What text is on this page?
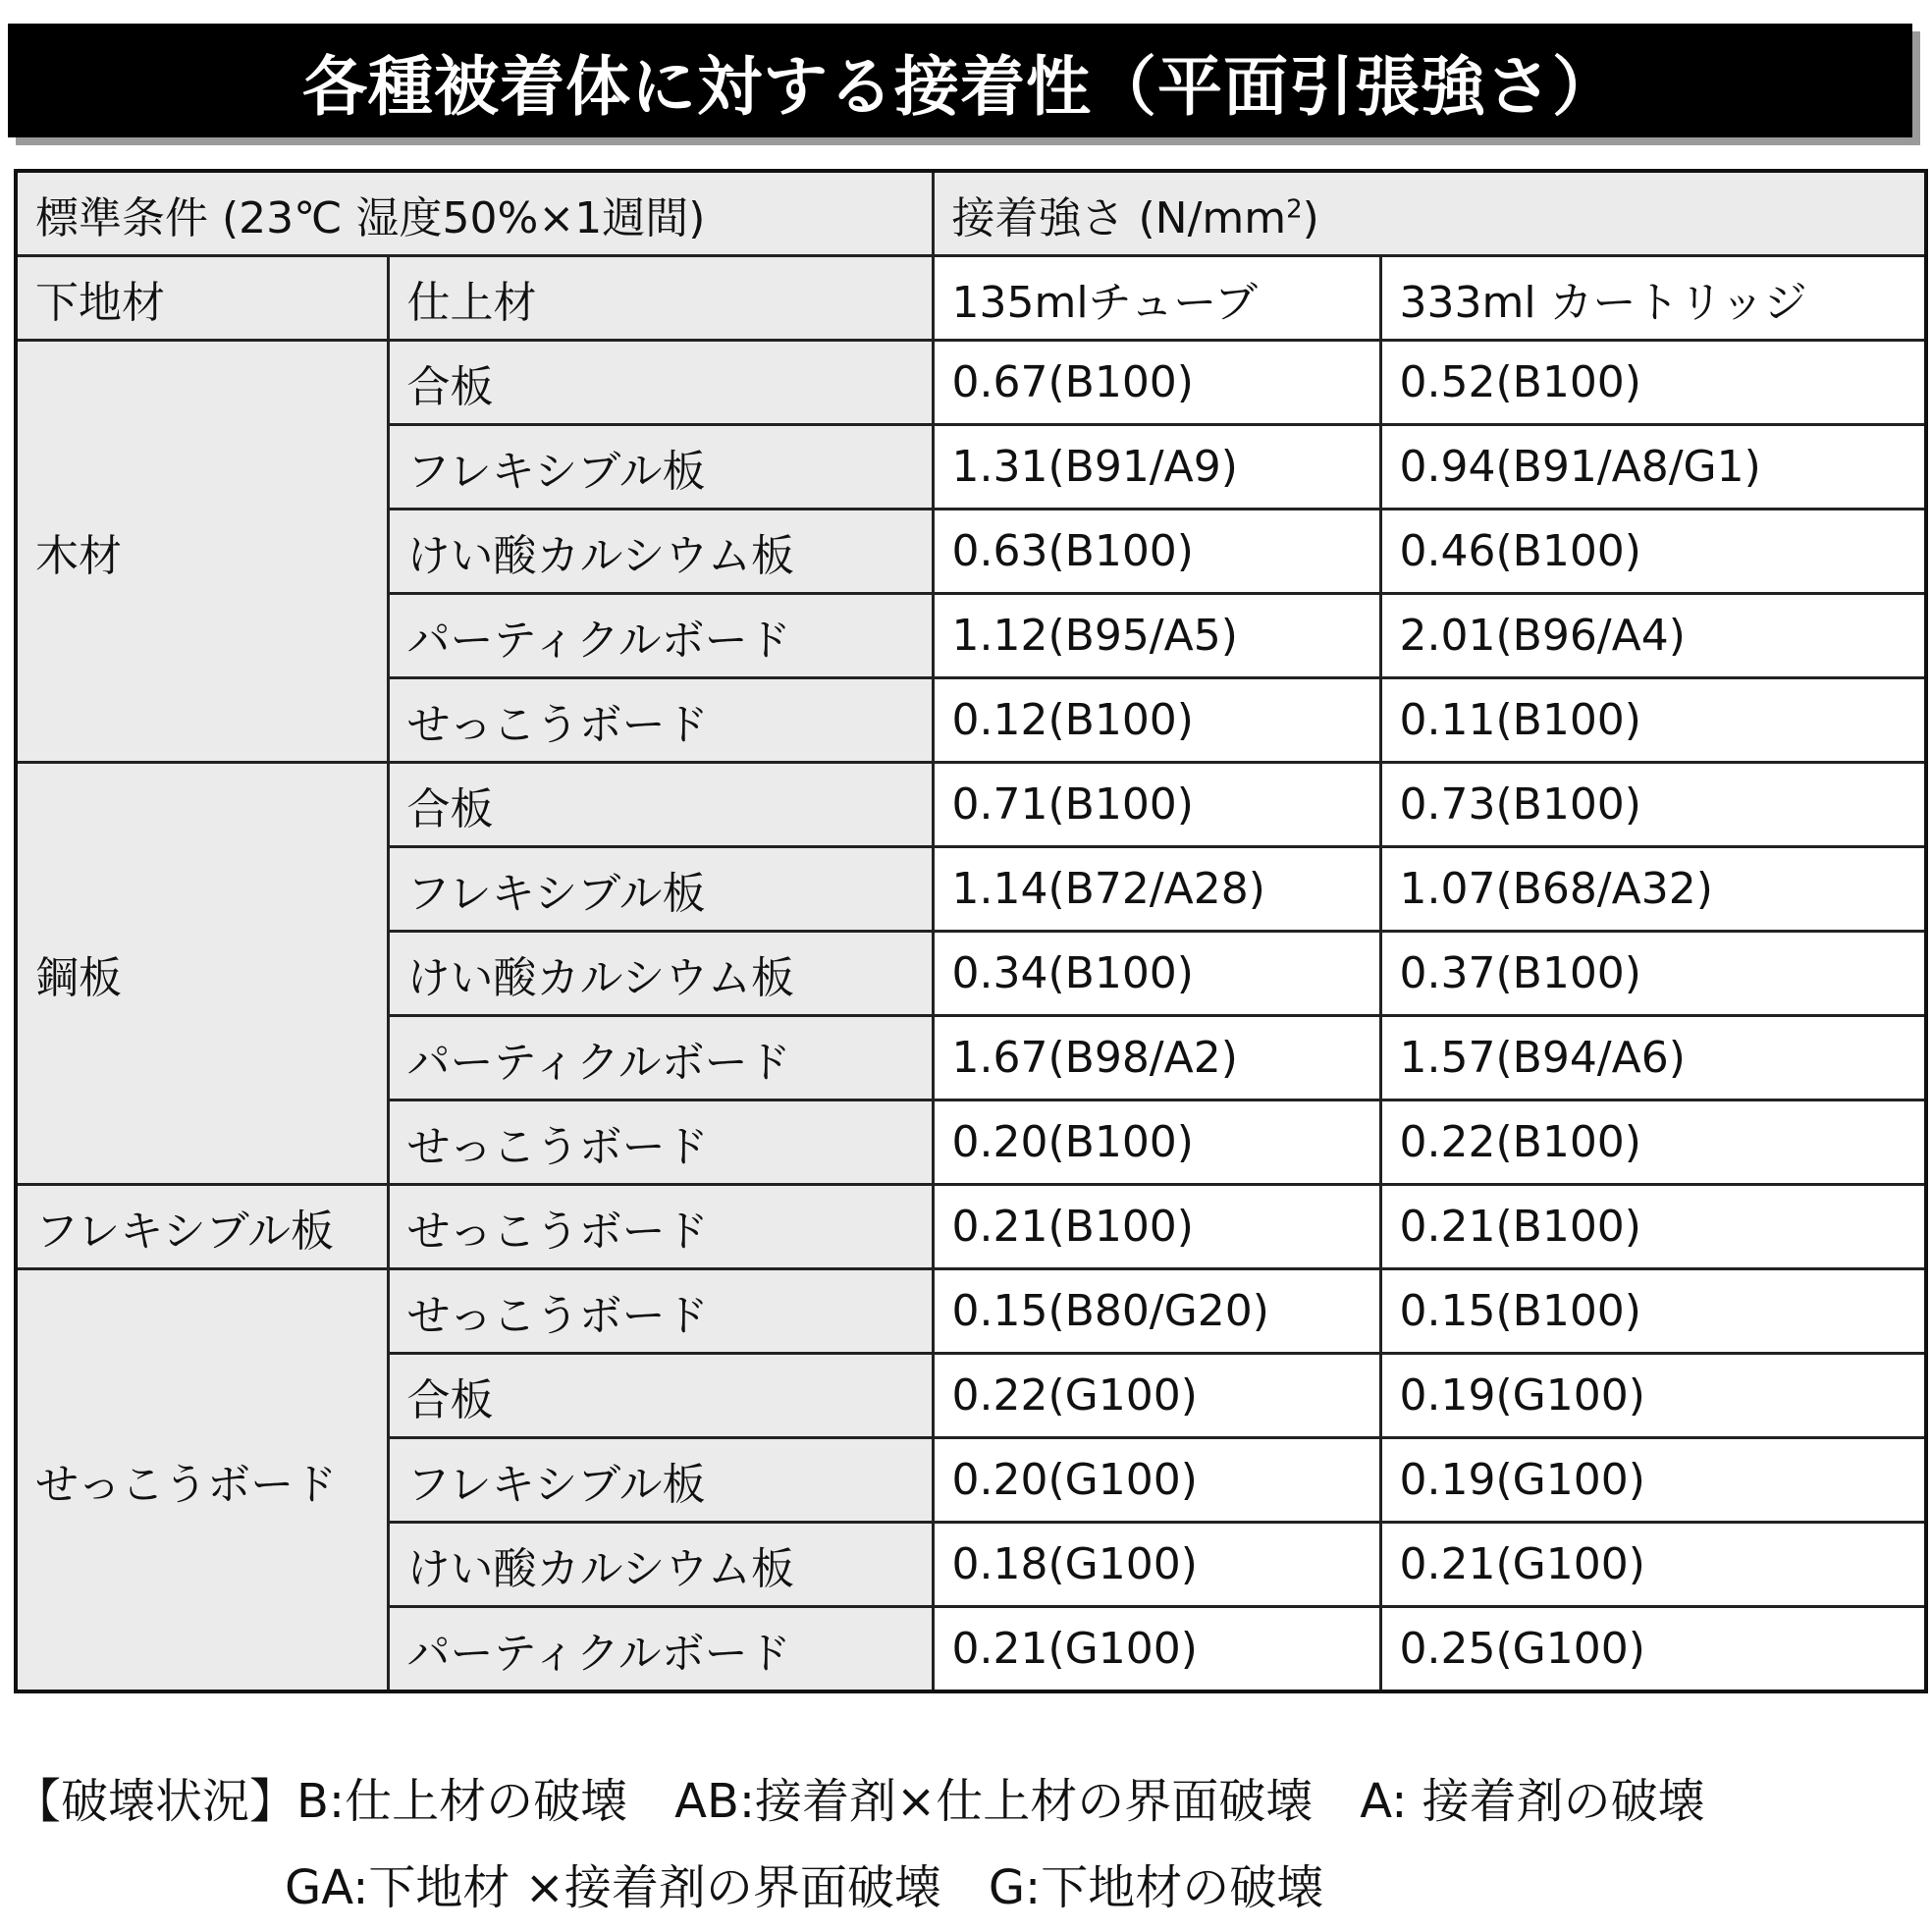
各種被着体に対する接着性（平面引張強さ）
標準条件 (23℃ 湿度50%×1週間)		接着強さ $(N/mm^2)$	
下地材	仕上材	135mlチューブ	333ml カートリッジ
木材	合板	0.67(B100)	0.52(B100)
	フレキシブル板	1.31(B91/A9)	0.94(B91/A8/G1)
	けい酸カルシウム板	0.63(B100)	0.46(B100)
	パーティクルボード	1.12(B95/A5)	2.01(B96/A4)
	せっこうボード	0.12(B100)	0.11(B100)
鋼板	合板	0.71(B100)	0.73(B100)
	フレキシブル板	1.14(B72/A28)	1.07(B68/A32)
	けい酸カルシウム板	0.34(B100)	0.37(B100)
	パーティクルボード	1.67(B98/A2)	1.57(B94/A6)
	せっこうボード	0.20(B100)	0.22(B100)
フレキシブル板	せっこうボード	0.21(B100)	0.21(B100)
せっこうボード	せっこうボード	0.15(B80/G20)	0.15(B100)
	合板	0.22(G100)	0.19(G100)
	フレキシブル板	0.20(G100)	0.19(G100)
	けい酸カルシウム板	0.18(G100)	0.21(G100)
	パーティクルボード	0.21(G100)	0.25(G100)
【破壊状況】B:仕上材の破壊　AB:接着剤×仕上材の界面破壊　A: 接着剤の破壊
GA:下地材 ×接着剤の界面破壊　G:下地材の破壊
